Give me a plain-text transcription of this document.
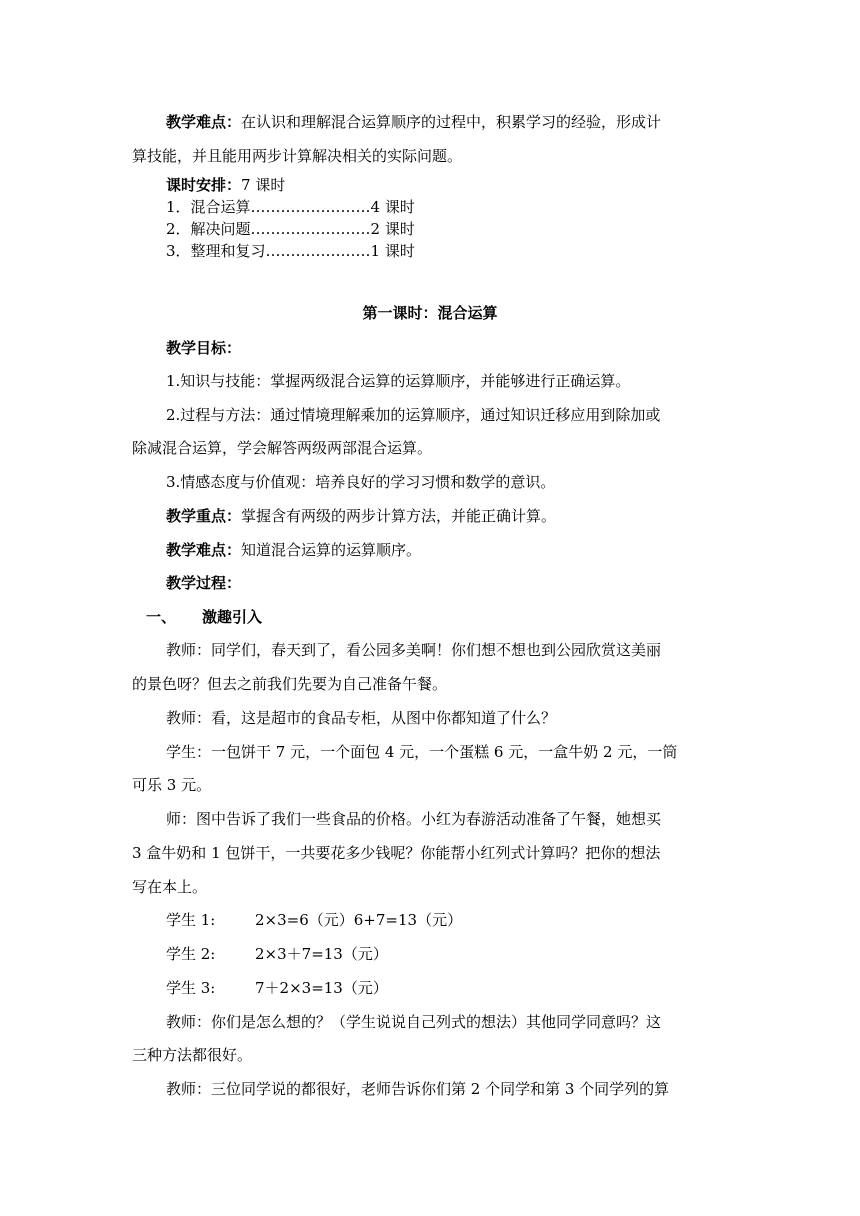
教学难点：在认识和理解混合运算顺序的过程中，积累学习的经验，形成计

算技能，并且能用两步计算解决相关的实际问题。

课时安排：7 课时

1．混合运算……………………4 课时

2．解决问题……………………2 课时

3．整理和复习…………………1 课时

第一课时：混合运算

教学目标：

1.知识与技能：掌握两级混合运算的运算顺序，并能够进行正确运算。

2.过程与方法：通过情境理解乘加的运算顺序，通过知识迁移应用到除加或

除减混合运算，学会解答两级两部混合运算。

3.情感态度与价值观：培养良好的学习习惯和数学的意识。

教学重点：掌握含有两级的两步计算方法，并能正确计算。

教学难点：知道混合运算的运算顺序。

教学过程：

一、 激趣引入

教师：同学们，春天到了，看公园多美啊！你们想不想也到公园欣赏这美丽

的景色呀？但去之前我们先要为自己准备午餐。

教师：看，这是超市的食品专柜，从图中你都知道了什么？

学生：一包饼干 7 元，一个面包 4 元，一个蛋糕 6 元，一盒牛奶 2 元，一筒

可乐 3 元。

师：图中告诉了我们一些食品的价格。小红为春游活动准备了午餐，她想买

3 盒牛奶和 1 包饼干，一共要花多少钱呢？你能帮小红列式计算吗？把你的想法

写在本上。

学生 1:	2×3=6（元）6+7=13（元）

学生 2:	2×3＋7=13（元）

学生 3:	7＋2×3=13（元）

教师：你们是怎么想的？（学生说说自己列式的想法）其他同学同意吗？这

三种方法都很好。

教师：三位同学说的都很好，老师告诉你们第 2 个同学和第 3 个同学列的算
